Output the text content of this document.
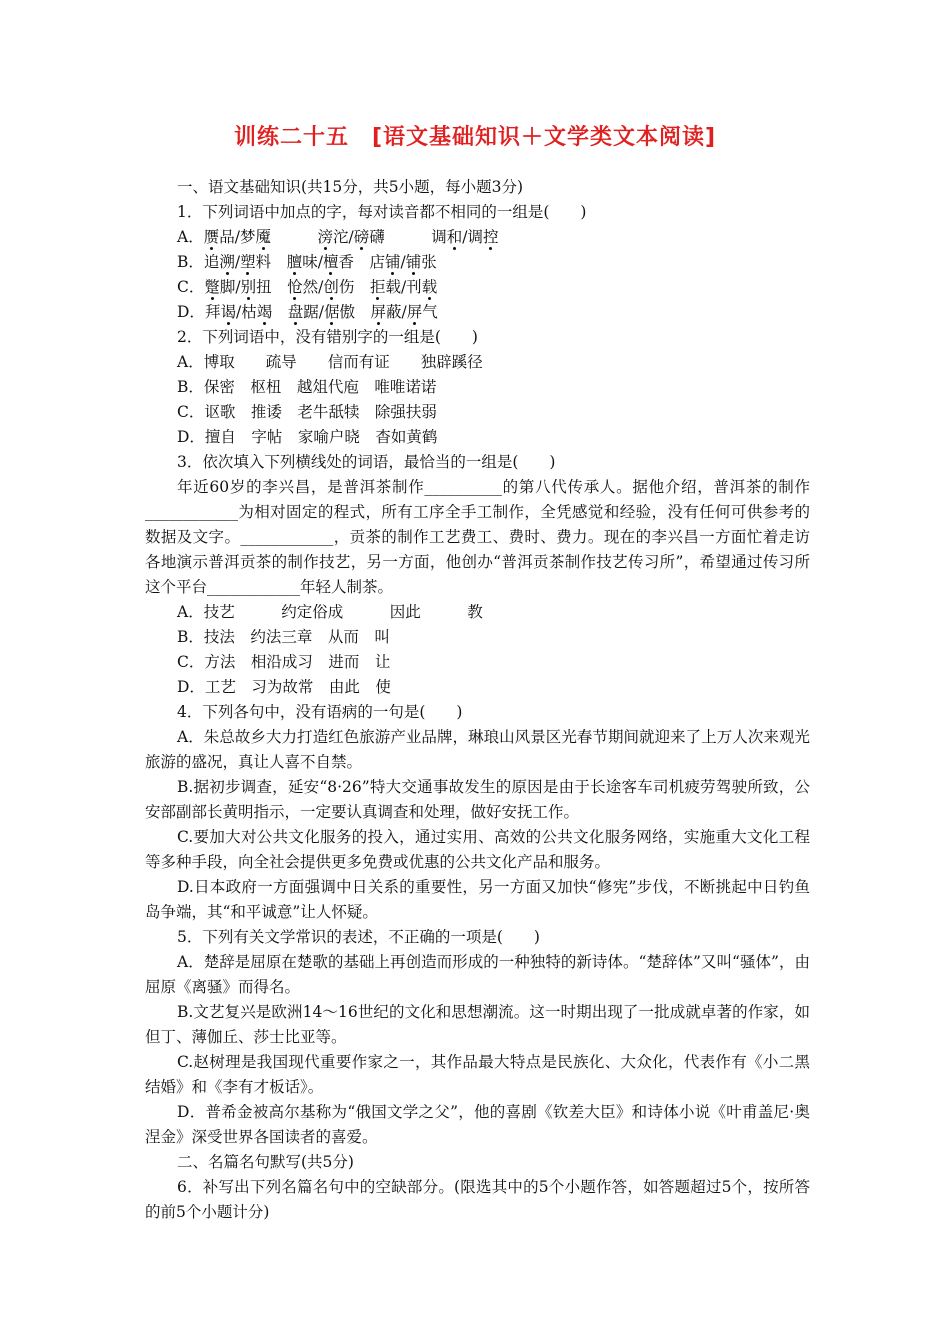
训练二十五　[语文基础知识＋文学类文本阅读]

一、语文基础知识(共15分，共5小题，每小题3分)

1．下列词语中加点的字，每对读音都不相同的一组是(　　)

A．赝品/梦魇　　　	滂沱/磅礴　　　调和/调控

B．追溯/塑料　膻味/檀香　店铺/铺张

C．蹩脚/别扭　怆然/创伤　拒载/刊载

D．拜谒/枯竭　 盘踞/倨傲　屏蔽/屏气

2．下列词语中，没有错别字的一组是(　　)

A．博取　　疏导　　信而有证　　独辟蹊径

B．保密　枢杻　越俎代庖　唯唯诺诺

C．讴歌　推诿　老牛舐犊　除强扶弱

D．擅自　字帖　家喻户晓　杳如黄鹤

3．依次填入下列横线处的词语，最恰当的一组是(　　)

年近60岁的李兴昌，是普洱茶制作__________的第八代传承人。据他介绍，普洱茶的制作____________为相对固定的程式，所有工序全手工制作，全凭感觉和经验，没有任何可供参考的数据及文字。____________，贡茶的制作工艺费工、费时、费力。现在的李兴昌一方面忙着走访各地演示普洱贡茶的制作技艺，另一方面，他创办“普洱贡茶制作技艺传习所”，希望通过传习所这个平台____________年轻人制茶。

A．技艺　　　约定俗成　　　因此　　　教

B．技法　约法三章　从而　叫

C．方法　相沿成习　进而　让

D．工艺　习为故常　由此　使

4．下列各句中，没有语病的一句是(　　)

A．朱总故乡大力打造红色旅游产业品牌，琳琅山风景区光春节期间就迎来了上万人次来观光旅游的盛况，真让人喜不自禁。

B.据初步调查，延安“8·26”特大交通事故发生的原因是由于长途客车司机疲劳驾驶所致，公安部副部长黄明指示，一定要认真调查和处理，做好安抚工作。

C.要加大对公共文化服务的投入，通过实用、高效的公共文化服务网络，实施重大文化工程等多种手段，向全社会提供更多免费或优惠的公共文化产品和服务。

D.日本政府一方面强调中日关系的重要性，另一方面又加快“修宪”步伐，不断挑起中日钓鱼岛争端，其“和平诚意”让人怀疑。

5．下列有关文学常识的表述，不正确的一项是(　　)

A．楚辞是屈原在楚歌的基础上再创造而形成的一种独特的新诗体。“楚辞体”又叫“骚体”，由屈原《离骚》而得名。

B.文艺复兴是欧洲14～16世纪的文化和思想潮流。这一时期出现了一批成就卓著的作家，如但丁、薄伽丘、莎士比亚等。

C.赵树理是我国现代重要作家之一，其作品最大特点是民族化、大众化，代表作有《小二黑结婚》和《李有才板话》。

D．普希金被高尔基称为“俄国文学之父”，他的喜剧《钦差大臣》和诗体小说《叶甫盖尼·奥涅金》深受世界各国读者的喜爱。

二、名篇名句默写(共5分)

6．补写出下列名篇名句中的空缺部分。(限选其中的5个小题作答，如答题超过5个，按所答的前5个小题计分)
